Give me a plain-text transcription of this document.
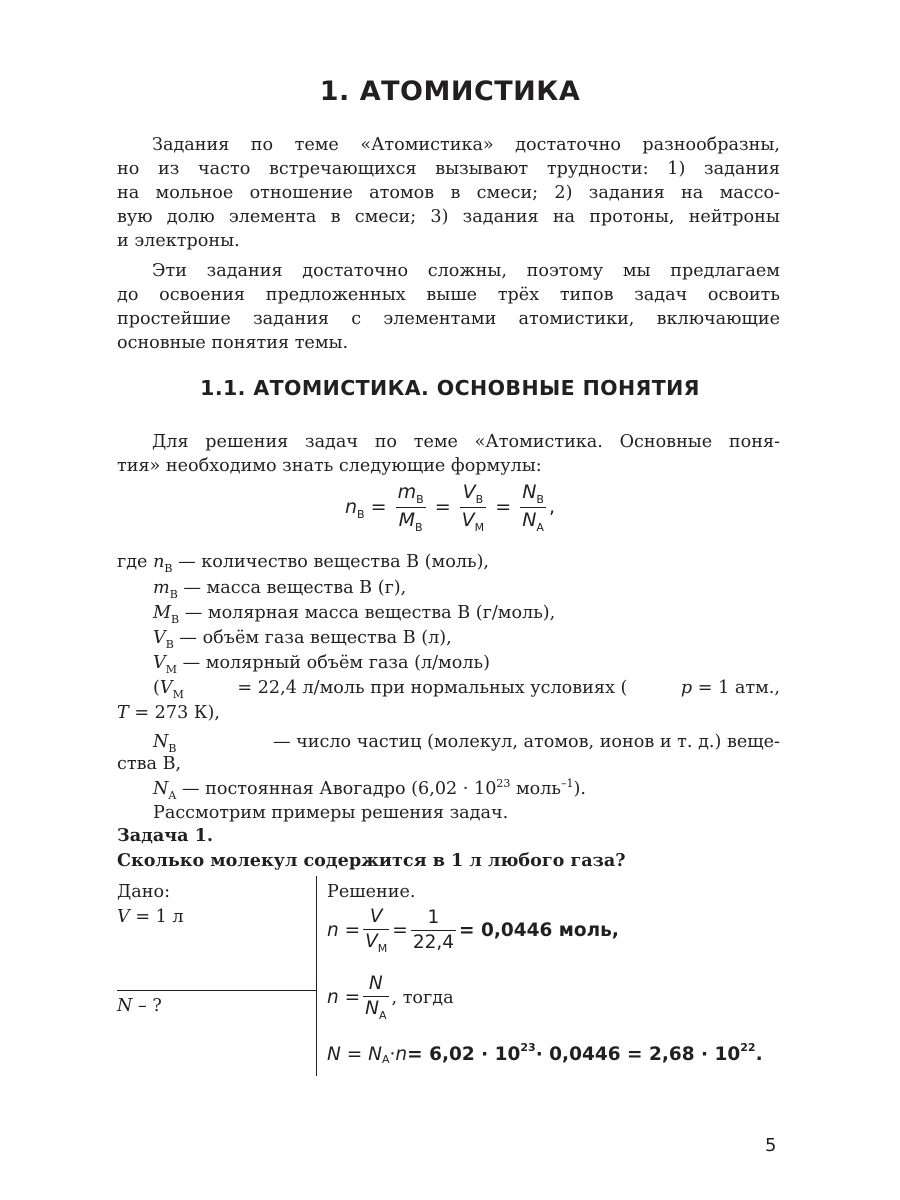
1. АТОМИСТИКА
Задания по теме «Атомистика» достаточно разнообразны,
но из часто встречающихся вызывают трудности: 1) задания
на мольное отношение атомов в смеси; 2) задания на массо-
вую долю элемента в смеси; 3) задания на протоны, нейтроны
и электроны.
Эти задания достаточно сложны, поэтому мы предлагаем
до освоения предложенных выше трёх типов задач освоить
простейшие задания с элементами атомистики, включающие
основные понятия темы.
1.1. АТОМИСТИКА. ОСНОВНЫЕ ПОНЯТИЯ
Для решения задач по теме «Атомистика. Основные поня-
тия» необходимо знать следующие формулы:
$n_B = \frac{m_B}{M_B} = \frac{V_B}{V_M} = \frac{N_B}{N_A}$ ,
где $n_B$ — количество вещества В (моль),
$m_B$ — масса вещества В (г),
$M_B$ — молярная масса вещества В (г/моль),
$V_B$ — объём газа вещества В (л),
$V_M$ — молярный объём газа (л/моль)
($V_M$	= 22,4 л/моль при нормальных условиях (	p = 1 атм.,
T = 273 К),
$N_B$	— число частиц (молекул, атомов, ионов и т. д.) веще-
ства В,
$N_A$ — постоянная Авогадро ($6,02 \cdot 10^{23}$ моль$^{-1}$).
Рассмотрим примеры решения задач.
Задача 1.
Сколько молекул содержится в 1 л любого газа?
Дано:
V = 1 л
N – ?
Решение.
n
= $\frac{V}{V_M} = \frac{1}{22,4} = 0,0446$ моль,
n
= $\frac{N}{N_A}$ , тогда
N
=
N A · n = 6,02 · 10 23 · 0,0446 = 2,68 · 10 22 .
5
